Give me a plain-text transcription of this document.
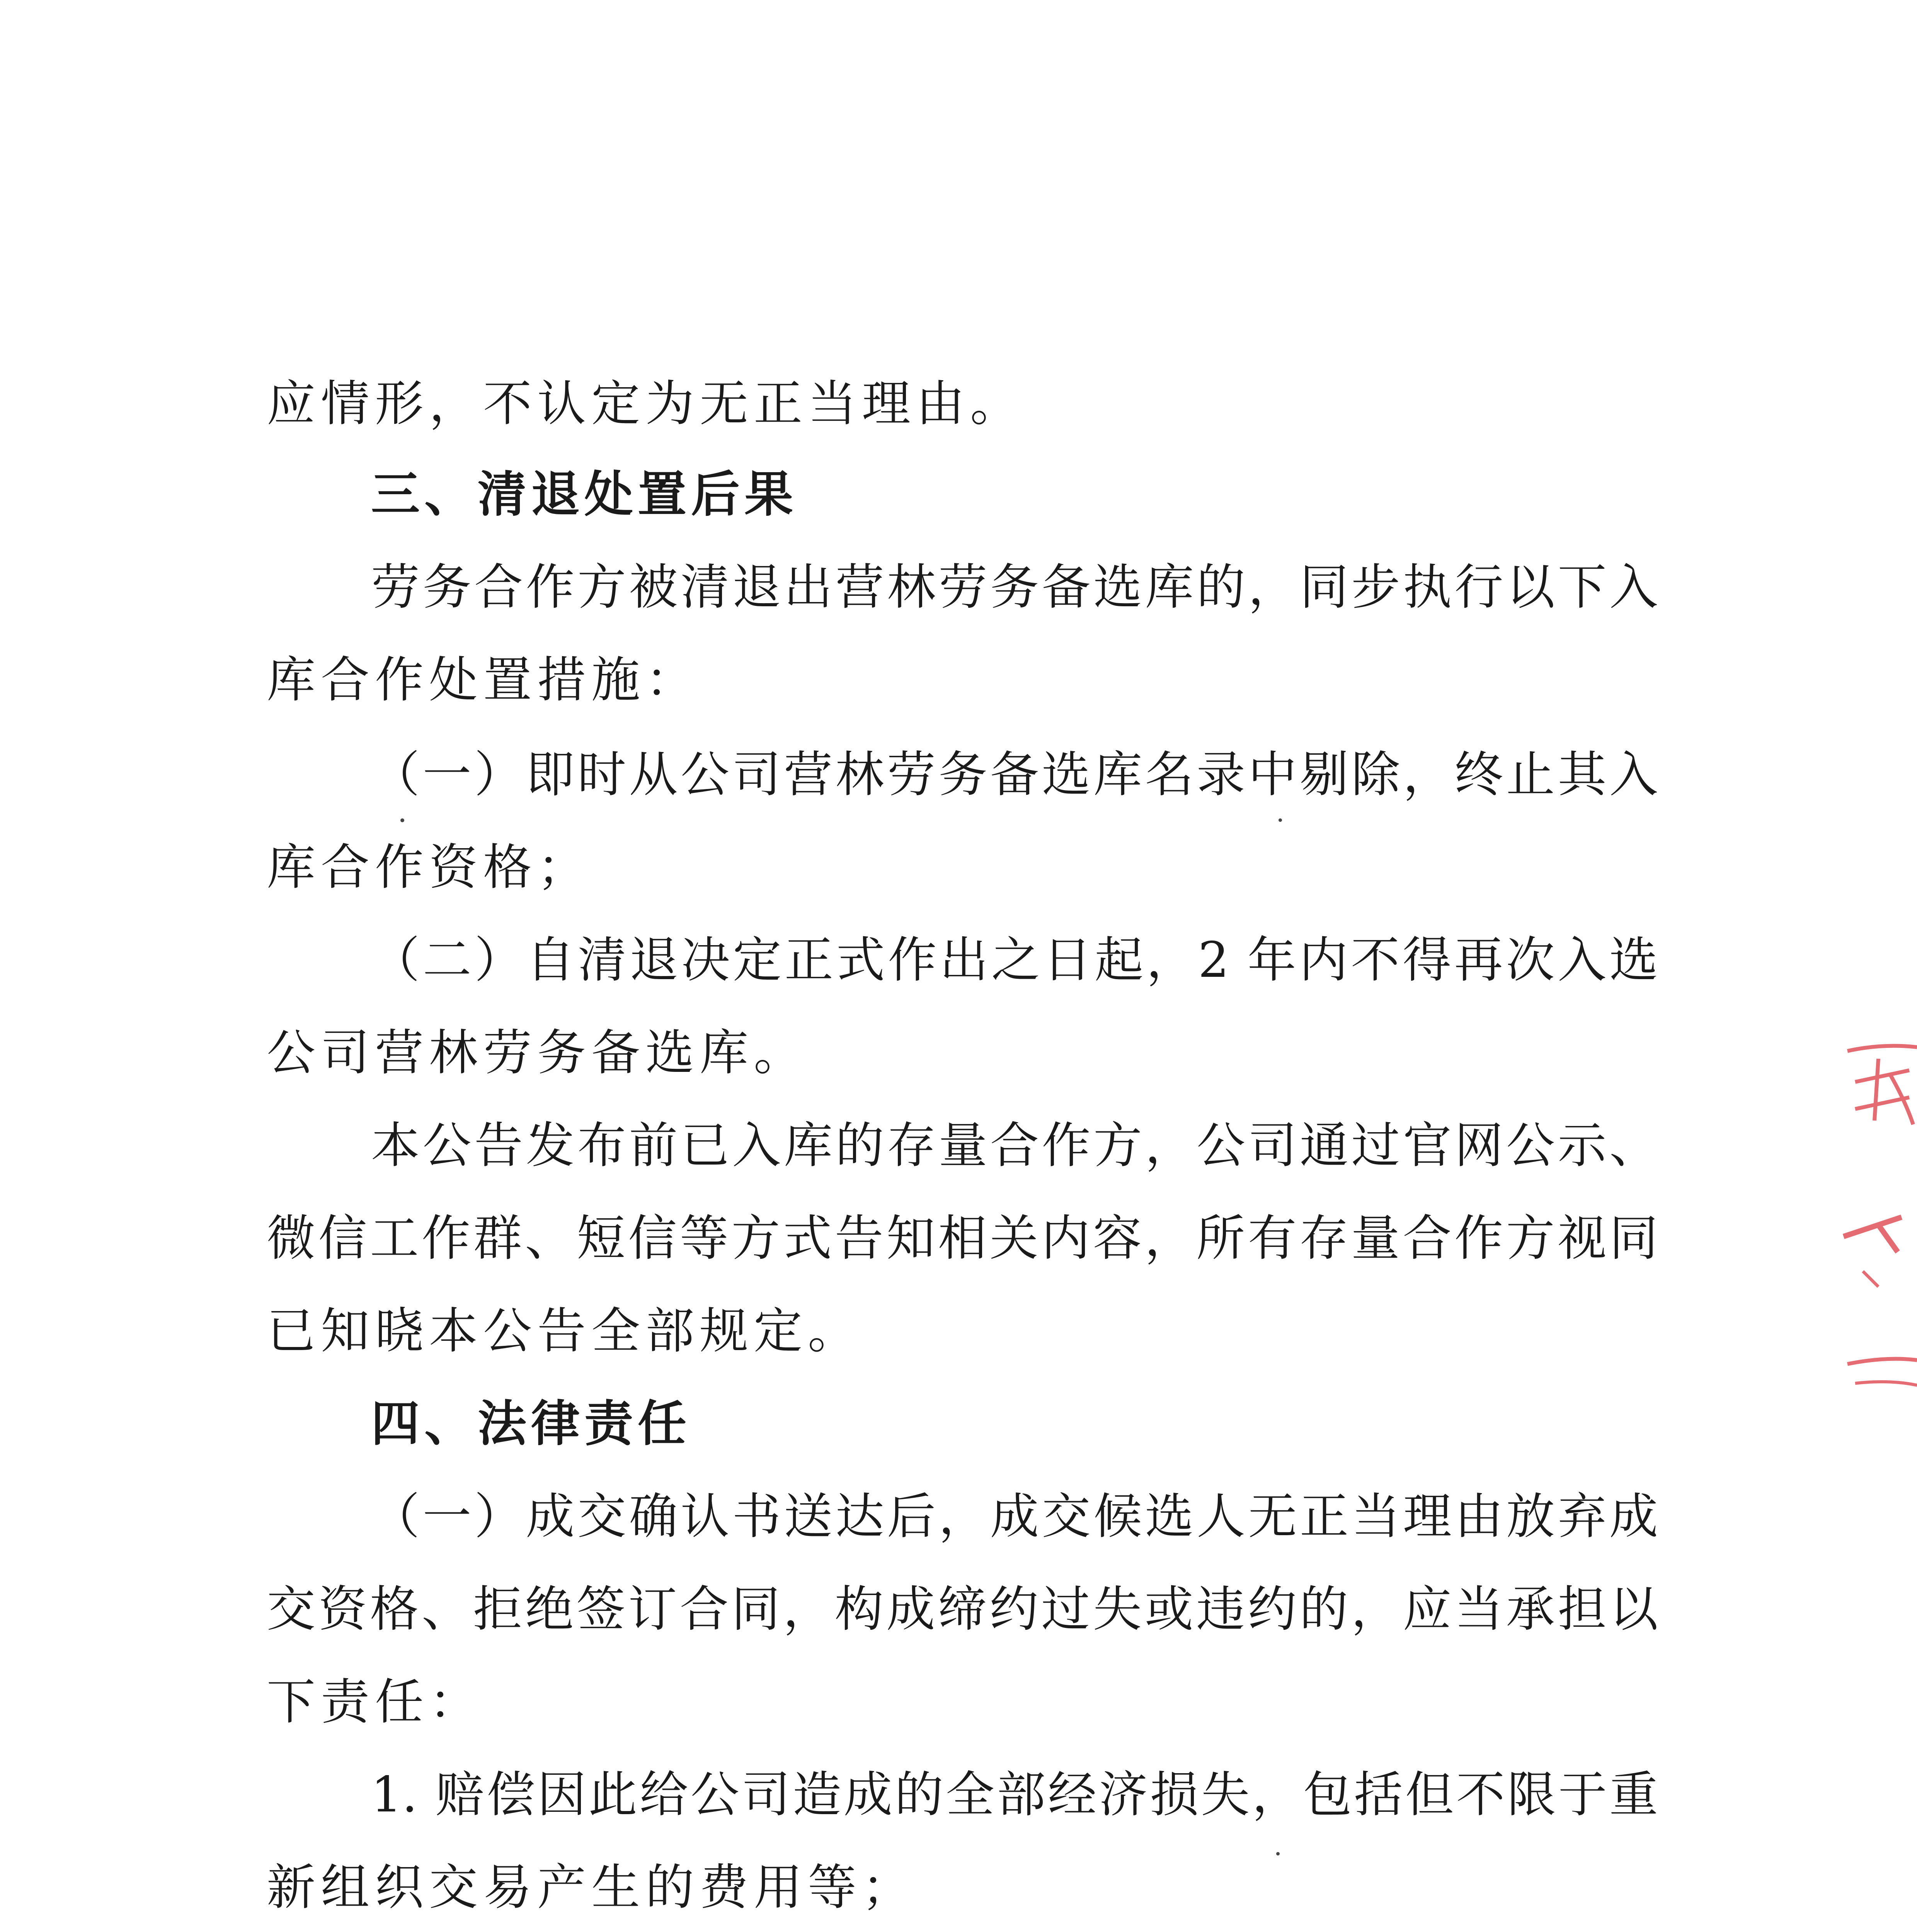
应情形，不认定为无正当理由。
三、清退处置后果
劳务合作方被清退出营林劳务备选库的，同步执行以下入
库合作处置措施：
（一）即时从公司营林劳务备选库名录中剔除，终止其入
库合作资格；
（二）自清退决定正式作出之日起，2 年内不得再次入选
公司营林劳务备选库。
本公告发布前已入库的存量合作方，公司通过官网公示、
微信工作群、短信等方式告知相关内容，所有存量合作方视同
已知晓本公告全部规定。
四、法律责任
（一）成交确认书送达后，成交候选人无正当理由放弃成
交资格、拒绝签订合同，构成缔约过失或违约的，应当承担以
下责任：
1. 赔偿因此给公司造成的全部经济损失，包括但不限于重
新组织交易产生的费用等；
